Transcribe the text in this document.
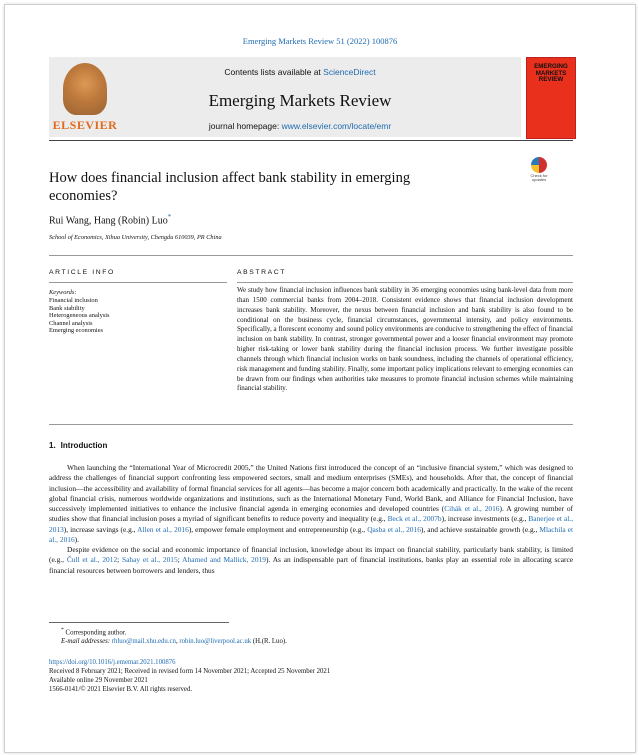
Emerging Markets Review 51 (2022) 100876
ELSEVIER
Contents lists available at ScienceDirect
Emerging Markets Review
journal homepage: www.elsevier.com/locate/emr
EMERGING MARKETS REVIEW
Check for updates
How does financial inclusion affect bank stability in emerging economies?
Rui Wang, Hang (Robin) Luo*
School of Economics, Xihua University, Chengdu 610039, PR China
ARTICLE INFO	ABSTRACT
Keywords:
Financial inclusion
Bank stability
Heterogeneous analysis
Channel analysis
Emerging economies
We study how financial inclusion influences bank stability in 36 emerging economies using bank-level data from more than 1500 commercial banks from 2004–2018. Consistent evidence shows that financial inclusion development increases bank stability. Moreover, the nexus between financial inclusion and bank stability is also found to be conditional on the business cycle, financial circumstances, governmental intensity, and policy environments. Specifically, a florescent economy and sound policy environments are conducive to strengthening the effect of financial inclusion on bank stability. In contrast, stronger governmental power and a looser financial environment may promote higher risk-taking or lower bank stability during the financial inclusion process. We further investigate possible channels through which financial inclusion works on bank soundness, including the channels of operational efficiency, risk management and funding stability. Finally, some important policy implications relevant to emerging economies can be drawn from our findings when authorities take measures to promote financial inclusion schemes while maintaining financial stability.
1. Introduction

When launching the “International Year of Microcredit 2005,” the United Nations first introduced the concept of an “inclusive financial system,” which was designed to address the challenges of financial support confronting less empowered sectors, small and medium enterprises (SMEs), and households. After that, the concept of financial inclusion—the accessibility and availability of formal financial services for all agents—has become a major concern both academically and practically. In the wake of the recent global financial crisis, numerous worldwide organizations and institutions, such as the International Monetary Fund, World Bank, and Alliance for Financial Inclusion, have successively implemented initiatives to enhance the inclusive financial agenda in emerging economies and developed countries (Cihák et al., 2016). A growing number of studies show that financial inclusion poses a myriad of significant benefits to reduce poverty and inequality (e.g., Beck et al., 2007b), increase investments (e.g., Banerjee et al., 2013), increase savings (e.g., Allen et al., 2016), empower female employment and entrepreneurship (e.g., Qasba et al., 2016), and achieve sustainable growth (e.g., Mlachila et al., 2016).

Despite evidence on the social and economic importance of financial inclusion, knowledge about its impact on financial stability, particularly bank stability, is limited (e.g., Čull et al., 2012; Sahay et al., 2015; Ahamed and Mallick, 2019). As an indispensable part of financial institutions, banks play an essential role in allocating scarce financial resources between borrowers and lenders, thus

* Corresponding author.
E-mail addresses: rhluo@mail.xhu.edu.cn, robin.luo@liverpool.ac.uk (H.(R. Luo).
https://doi.org/10.1016/j.ememar.2021.100876
Received 8 February 2021; Received in revised form 14 November 2021; Accepted 25 November 2021
Available online 29 November 2021
1566-0141/© 2021 Elsevier B.V. All rights reserved.
